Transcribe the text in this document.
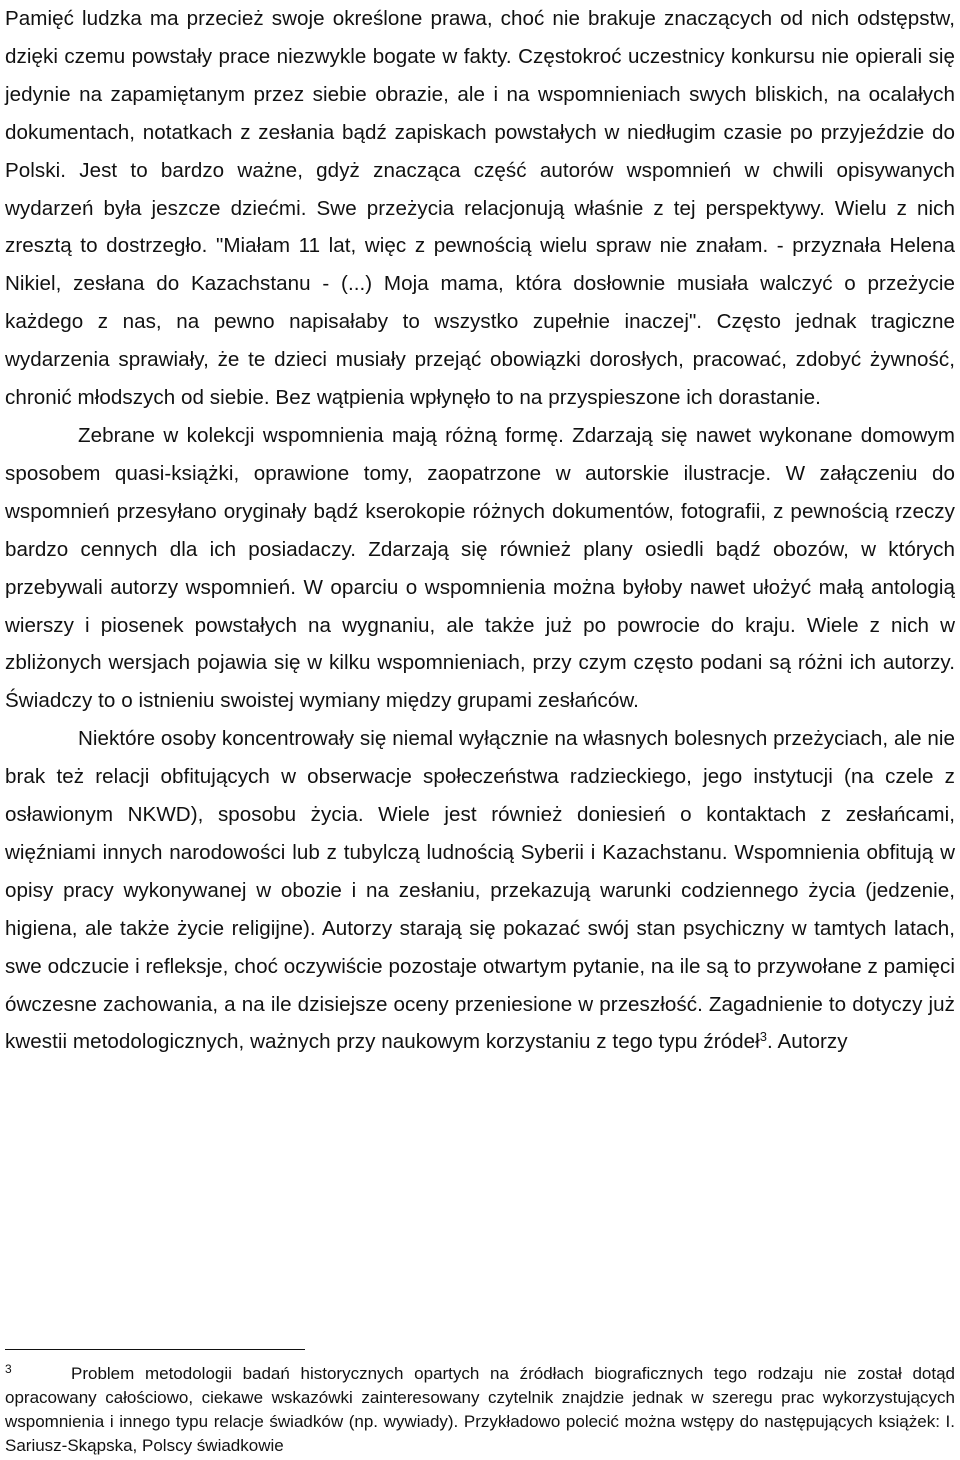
Pamięć ludzka ma przecież swoje określone prawa, choć nie brakuje znaczących od nich odstępstw, dzięki czemu powstały prace niezwykle bogate w fakty. Częstokroć uczestnicy konkursu nie opierali się jedynie na zapamiętanym przez siebie obrazie, ale i na wspomnieniach swych bliskich, na ocalałych dokumentach, notatkach z zesłania bądź zapiskach powstałych w niedługim czasie po przyjeździe do Polski. Jest to bardzo ważne, gdyż znacząca część autorów wspomnień w chwili opisywanych wydarzeń była jeszcze dziećmi. Swe przeżycia relacjonują właśnie z tej perspektywy. Wielu z nich zresztą to dostrzegło. "Miałam 11 lat, więc z pewnością wielu spraw nie znałam. - przyznała Helena Nikiel, zesłana do Kazachstanu - (...) Moja mama, która dosłownie musiała walczyć o przeżycie każdego z nas, na pewno napisałaby to wszystko zupełnie inaczej". Często jednak tragiczne wydarzenia sprawiały, że te dzieci musiały przejąć obowiązki dorosłych, pracować, zdobyć żywność, chronić młodszych od siebie. Bez wątpienia wpłynęło to na przyspieszone ich dorastanie.

Zebrane w kolekcji wspomnienia mają różną formę. Zdarzają się nawet wykonane domowym sposobem quasi-książki, oprawione tomy, zaopatrzone w autorskie ilustracje. W załączeniu do wspomnień przesyłano oryginały bądź kserokopie różnych dokumentów, fotografii, z pewnością rzeczy bardzo cennych dla ich posiadaczy. Zdarzają się również plany osiedli bądź obozów, w których przebywali autorzy wspomnień. W oparciu o wspomnienia można byłoby nawet ułożyć małą antologią wierszy i piosenek powstałych na wygnaniu, ale także już po powrocie do kraju. Wiele z nich w zbliżonych wersjach pojawia się w kilku wspomnieniach, przy czym często podani są różni ich autorzy. Świadczy to o istnieniu swoistej wymiany między grupami zesłańców.

Niektóre osoby koncentrowały się niemal wyłącznie na własnych bolesnych przeżyciach, ale nie brak też relacji obfitujących w obserwacje społeczeństwa radzieckiego, jego instytucji (na czele z osławionym NKWD), sposobu życia. Wiele jest również doniesień o kontaktach z zesłańcami, więźniami innych narodowości lub z tubylczą ludnością Syberii i Kazachstanu. Wspomnienia obfitują w opisy pracy wykonywanej w obozie i na zesłaniu, przekazują warunki codziennego życia (jedzenie, higiena, ale także życie religijne). Autorzy starają się pokazać swój stan psychiczny w tamtych latach, swe odczucie i refleksje, choć oczywiście pozostaje otwartym pytanie, na ile są to przywołane z pamięci ówczesne zachowania, a na ile dzisiejsze oceny przeniesione w przeszłość. Zagadnienie to dotyczy już kwestii metodologicznych, ważnych przy naukowym korzystaniu z tego typu źródeł$^3$. Autorzy

3	Problem metodologii badań historycznych opartych na źródłach biograficznych tego rodzaju nie został dotąd opracowany całościowo, ciekawe wskazówki zainteresowany czytelnik znajdzie jednak w szeregu prac wykorzystujących wspomnienia i innego typu relacje świadków (np. wywiady). Przykładowo polecić można wstępy do następujących książek: I. Sariusz-Skąpska, Polscy świadkowie
